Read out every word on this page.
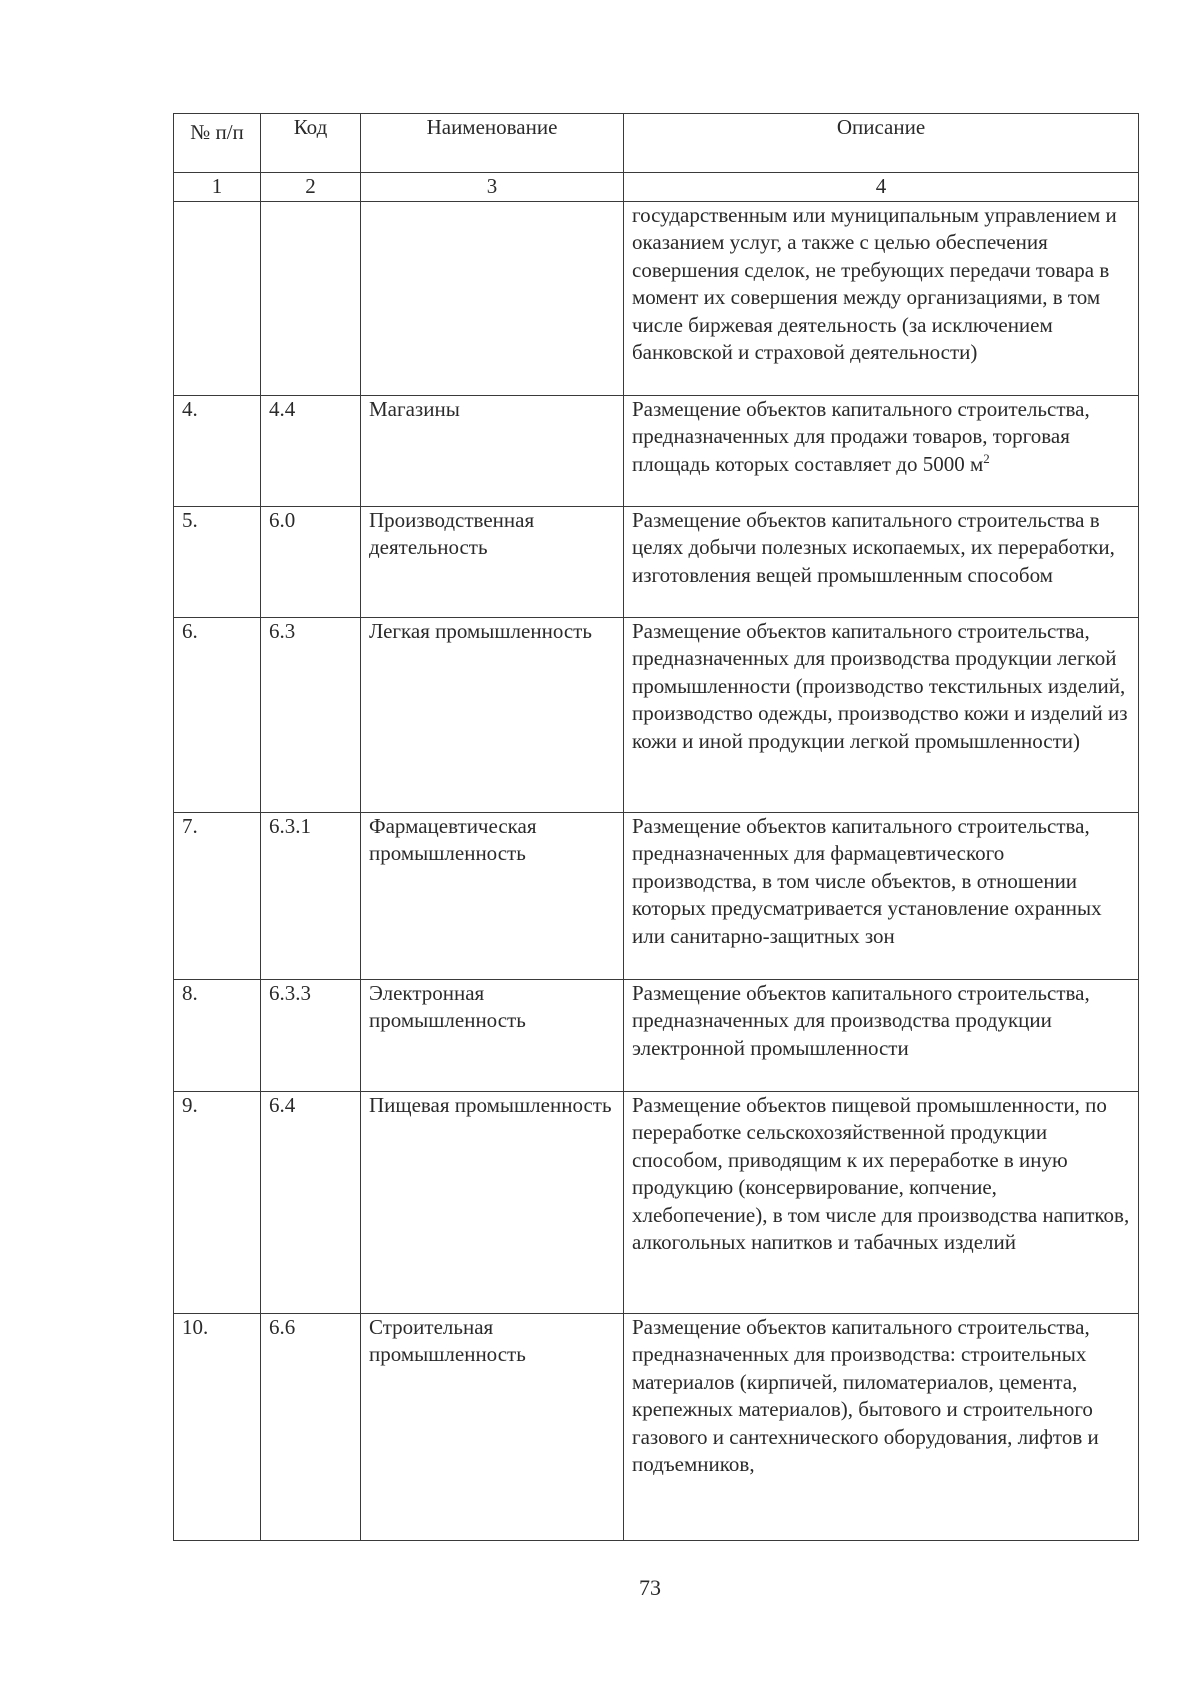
№ п/п	Код	Наименование	Описание
1	2	3	4
			государственным или муниципальным управлением и оказанием услуг, а также с целью обеспечения совершения сделок, не требующих передачи товара в момент их совершения между организациями, в том числе биржевая деятельность (за исключением банковской и страховой деятельности)
4.	4.4	Магазины	Размещение объектов капитального строительства, предназначенных для продажи товаров, торговая площадь которых составляет до 5000 $м^2$
5.	6.0	Производственная деятельность	Размещение объектов капитального строительства в целях добычи полезных ископаемых, их переработки, изготовления вещей промышленным способом
6.	6.3	Легкая промышленность	Размещение объектов капитального строительства, предназначенных для производства продукции легкой промышленности (производство текстильных изделий, производство одежды, производство кожи и изделий из кожи и иной продукции легкой промышленности)
7.	6.3.1	Фармацевтическая промышленность	Размещение объектов капитального строительства, предназначенных для фармацевтического производства, в том числе объектов, в отношении которых предусматривается установление охранных или санитарно-защитных зон
8.	6.3.3	Электронная промышленность	Размещение объектов капитального строительства, предназначенных для производства продукции электронной промышленности
9.	6.4	Пищевая промышленность	Размещение объектов пищевой промышленности, по переработке сельскохозяйственной продукции способом, приводящим к их переработке в иную продукцию (консервирование, копчение, хлебопечение), в том числе для производства напитков, алкогольных напитков и табачных изделий
10.	6.6	Строительная промышленность	Размещение объектов капитального строительства, предназначенных для производства: строительных материалов (кирпичей, пиломатериалов, цемента, крепежных материалов), бытового и строительного газового и сантехнического оборудования, лифтов и подъемников,
73
